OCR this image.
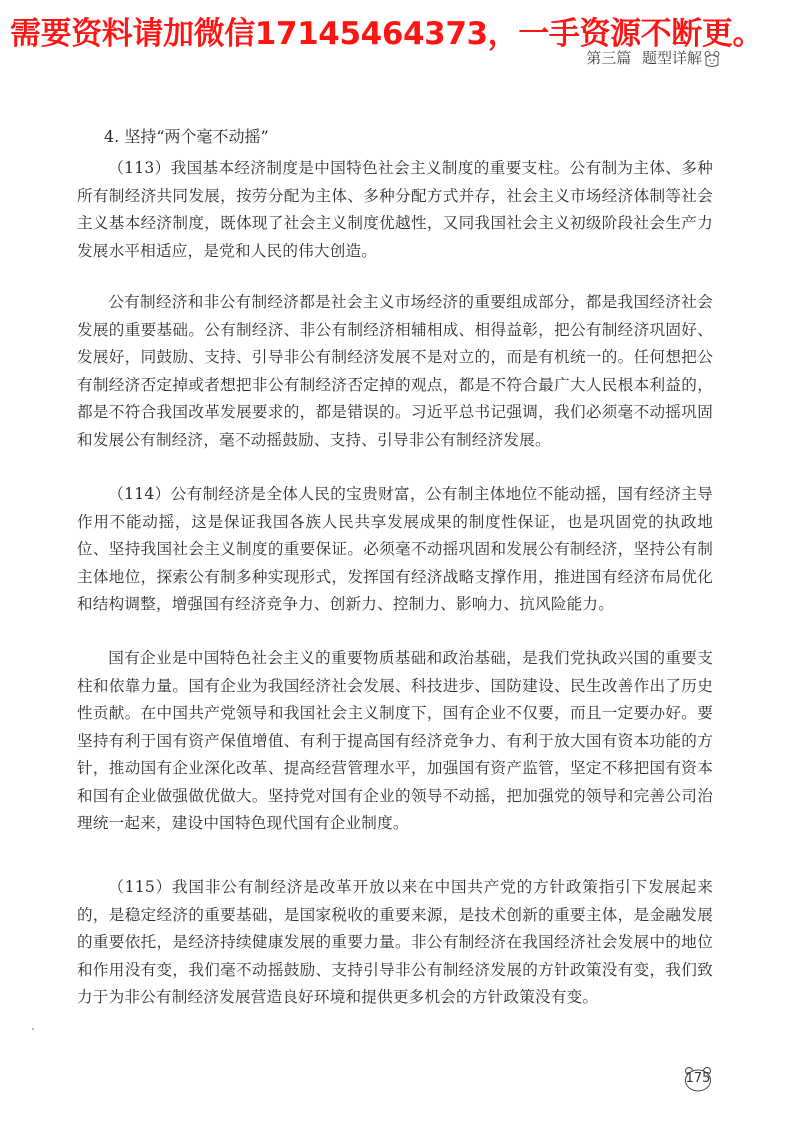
需要资料请加微信17145464373，一手资源不断更。
第三篇 题型详解
4. 坚持“两个毫不动摇”

（113）我国基本经济制度是中国特色社会主义制度的重要支柱。公有制为主体、多种所有制经济共同发展，按劳分配为主体、多种分配方式并存，社会主义市场经济体制等社会主义基本经济制度，既体现了社会主义制度优越性，又同我国社会主义初级阶段社会生产力发展水平相适应，是党和人民的伟大创造。

公有制经济和非公有制经济都是社会主义市场经济的重要组成部分，都是我国经济社会发展的重要基础。公有制经济、非公有制经济相辅相成、相得益彰，把公有制经济巩固好、发展好，同鼓励、支持、引导非公有制经济发展不是对立的，而是有机统一的。任何想把公有制经济否定掉或者想把非公有制经济否定掉的观点，都是不符合最广大人民根本利益的，都是不符合我国改革发展要求的，都是错误的。习近平总书记强调，我们必须毫不动摇巩固和发展公有制经济，毫不动摇鼓励、支持、引导非公有制经济发展。

（114）公有制经济是全体人民的宝贵财富，公有制主体地位不能动摇，国有经济主导作用不能动摇，这是保证我国各族人民共享发展成果的制度性保证，也是巩固党的执政地位、坚持我国社会主义制度的重要保证。必须毫不动摇巩固和发展公有制经济，坚持公有制主体地位，探索公有制多种实现形式，发挥国有经济战略支撑作用，推进国有经济布局优化和结构调整，增强国有经济竞争力、创新力、控制力、影响力、抗风险能力。

国有企业是中国特色社会主义的重要物质基础和政治基础，是我们党执政兴国的重要支柱和依靠力量。国有企业为我国经济社会发展、科技进步、国防建设、民生改善作出了历史性贡献。在中国共产党领导和我国社会主义制度下，国有企业不仅要，而且一定要办好。要坚持有利于国有资产保值增值、有利于提高国有经济竞争力、有利于放大国有资本功能的方针，推动国有企业深化改革、提高经营管理水平，加强国有资产监管，坚定不移把国有资本和国有企业做强做优做大。坚持党对国有企业的领导不动摇，把加强党的领导和完善公司治理统一起来，建设中国特色现代国有企业制度。

（115）我国非公有制经济是改革开放以来在中国共产党的方针政策指引下发展起来的，是稳定经济的重要基础，是国家税收的重要来源，是技术创新的重要主体，是金融发展的重要依托，是经济持续健康发展的重要力量。非公有制经济在我国经济社会发展中的地位和作用没有变，我们毫不动摇鼓励、支持引导非公有制经济发展的方针政策没有变，我们致力于为非公有制经济发展营造良好环境和提供更多机会的方针政策没有变。

175
